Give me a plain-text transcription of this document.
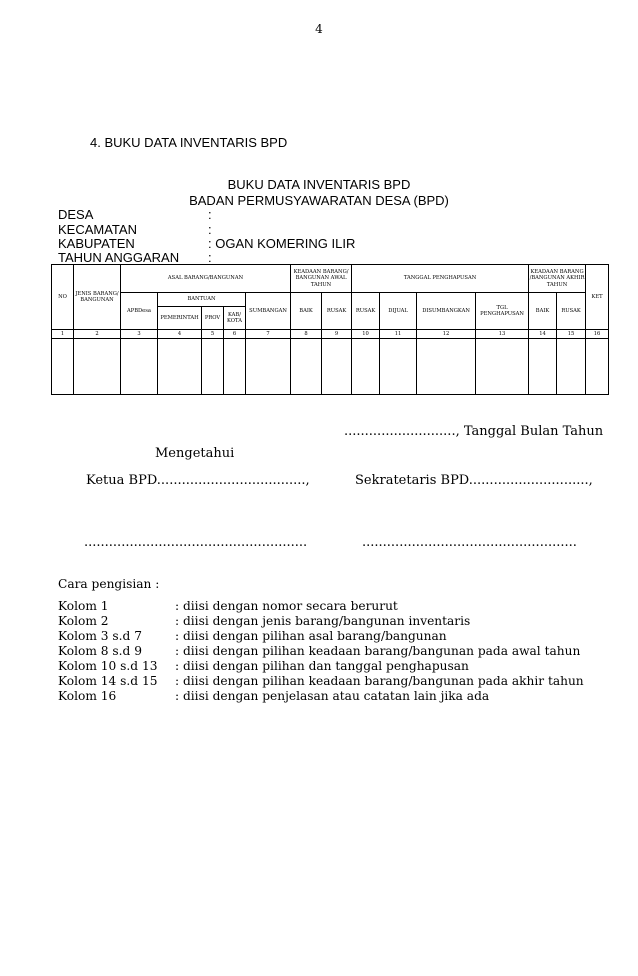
4
4. BUKU DATA INVENTARIS BPD
BUKU DATA INVENTARIS BPD
BADAN PERMUSYAWARATAN DESA (BPD)
DESA	:
KECAMATAN	:
KABUPATEN	: OGAN KOMERING ILIR
TAHUN ANGGARAN :
NO	JENIS BARANG/ BANGUNAN	ASAL BARANG/BANGUNAN					KEADAAN BARANG/ BANGUNAN AWAL TAHUN		TANGGAL PENGHAPUSAN				KEADAAN BARANG /BANGUNAN AKHIR TAHUN		KET
		APBDesa	BANTUAN			SUMBANGAN	BAIK	RUSAK	RUSAK	DIJUAL	DISUMBANGKAN	TGL PENGHAPUSAN	BAIK	RUSAK	
			PEMERINTAH	PROV	KAB/ KOTA										
1	2	3	4	5	6	7	8	9	10	11	12	13	14	15	16

..........................., Tanggal Bulan Tahun
Mengetahui
Ketua BPD....................................,	Sekratetaris BPD.............................,
......................................................	....................................................
Cara pengisian :
Kolom 1	: diisi dengan nomor secara berurut
Kolom 2	: diisi dengan jenis barang/bangunan inventaris
Kolom 3 s.d 7	: diisi dengan pilihan asal barang/bangunan
Kolom 8 s.d 9	: diisi dengan pilihan keadaan barang/bangunan pada awal tahun
Kolom 10 s.d 13 : diisi dengan pilihan dan tanggal penghapusan
Kolom 14 s.d 15 : diisi dengan pilihan keadaan barang/bangunan pada akhir tahun
Kolom 16	: diisi dengan penjelasan atau catatan lain jika ada
